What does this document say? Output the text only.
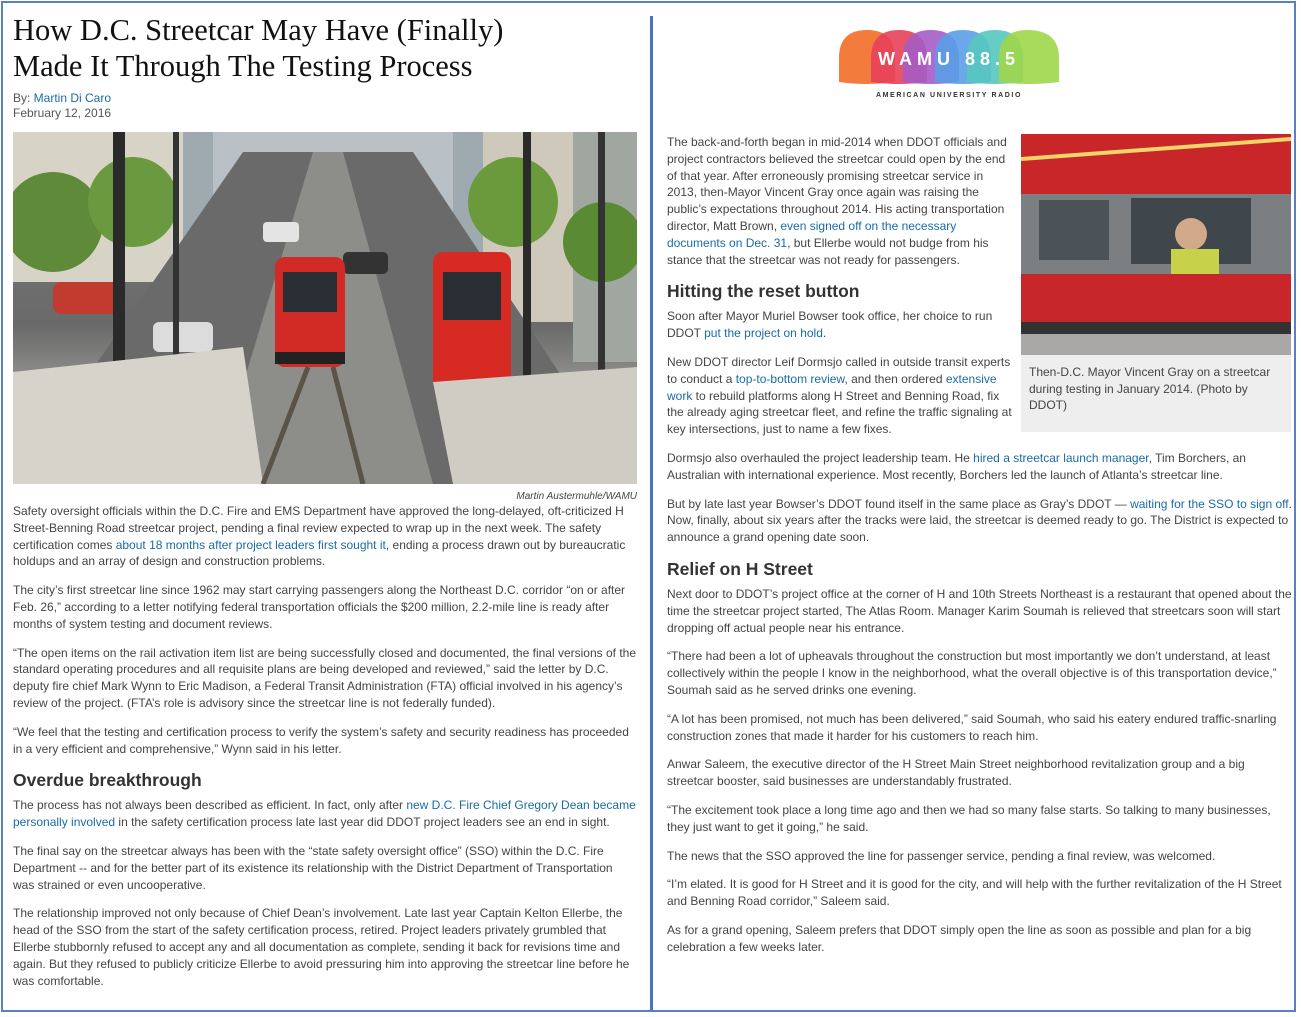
How D.C. Streetcar May Have (Finally)
Made It Through The Testing Process
By: Martin Di Caro
February 12, 2016
Martin Austermuhle/WAMU

Safety oversight officials within the D.C. Fire and EMS Department have approved the long-delayed, oft-criticized H Street-Benning Road streetcar project, pending a final review expected to wrap up in the next week. The safety certification comes about 18 months after project leaders first sought it, ending a process drawn out by bureaucratic holdups and an array of design and construction problems.

The city’s first streetcar line since 1962 may start carrying passengers along the Northeast D.C. corridor “on or after Feb. 26,” according to a letter notifying federal transportation officials the $200 million, 2.2-mile line is ready after months of system testing and document reviews.

“The open items on the rail activation item list are being successfully closed and documented, the final versions of the standard operating procedures and all requisite plans are being developed and reviewed,” said the letter by D.C. deputy fire chief Mark Wynn to Eric Madison, a Federal Transit Administration (FTA) official involved in his agency’s review of the project. (FTA’s role is advisory since the streetcar line is not federally funded).

“We feel that the testing and certification process to verify the system’s safety and security readiness has proceeded in a very efficient and comprehensive,” Wynn said in his letter.

Overdue breakthrough

The process has not always been described as efficient. In fact, only after new D.C. Fire Chief Gregory Dean became personally involved in the safety certification process late last year did DDOT project leaders see an end in sight.

The final say on the streetcar always has been with the “state safety oversight office” (SSO) within the D.C. Fire Department -- and for the better part of its existence its relationship with the District Department of Transportation was strained or even uncooperative.

The relationship improved not only because of Chief Dean’s involvement. Late last year Captain Kelton Ellerbe, the head of the SSO from the start of the safety certification process, retired. Project leaders privately grumbled that Ellerbe stubbornly refused to accept any and all documentation as complete, sending it back for revisions time and again. But they refused to publicly criticize Ellerbe to avoid pressuring him into approving the streetcar line before he was comfortable.

WAMU 88.5
AMERICAN UNIVERSITY RADIO
Then-D.C. Mayor Vincent Gray on a streetcar during testing in January 2014. (Photo by DDOT)

The back-and-forth began in mid-2014 when DDOT officials and project contractors believed the streetcar could open by the end of that year. After erroneously promising streetcar service in 2013, then-Mayor Vincent Gray once again was raising the public’s expectations throughout 2014. His acting transportation director, Matt Brown, even signed off on the necessary documents on Dec. 31, but Ellerbe would not budge from his stance that the streetcar was not ready for passengers.

Hitting the reset button

Soon after Mayor Muriel Bowser took office, her choice to run DDOT put the project on hold.

New DDOT director Leif Dormsjo called in outside transit experts to conduct a top-to-bottom review, and then ordered extensive work to rebuild platforms along H Street and Benning Road, fix the already aging streetcar fleet, and refine the traffic signaling at key intersections, just to name a few fixes.

Dormsjo also overhauled the project leadership team. He hired a streetcar launch manager, Tim Borchers, an Australian with international experience. Most recently, Borchers led the launch of Atlanta’s streetcar line.

But by late last year Bowser’s DDOT found itself in the same place as Gray’s DDOT — waiting for the SSO to sign off. Now, finally, about six years after the tracks were laid, the streetcar is deemed ready to go. The District is expected to announce a grand opening date soon.

Relief on H Street

Next door to DDOT’s project office at the corner of H and 10th Streets Northeast is a restaurant that opened about the time the streetcar project started, The Atlas Room. Manager Karim Soumah is relieved that streetcars soon will start dropping off actual people near his entrance.

“There had been a lot of upheavals throughout the construction but most importantly we don’t understand, at least collectively within the people I know in the neighborhood, what the overall objective is of this transportation device,” Soumah said as he served drinks one evening.

“A lot has been promised, not much has been delivered,” said Soumah, who said his eatery endured traffic-snarling construction zones that made it harder for his customers to reach him.

Anwar Saleem, the executive director of the H Street Main Street neighborhood revitalization group and a big streetcar booster, said businesses are understandably frustrated.

“The excitement took place a long time ago and then we had so many false starts. So talking to many businesses, they just want to get it going,” he said.

The news that the SSO approved the line for passenger service, pending a final review, was welcomed.

“I’m elated. It is good for H Street and it is good for the city, and will help with the further revitalization of the H Street and Benning Road corridor,” Saleem said.

As for a grand opening, Saleem prefers that DDOT simply open the line as soon as possible and plan for a big celebration a few weeks later.
